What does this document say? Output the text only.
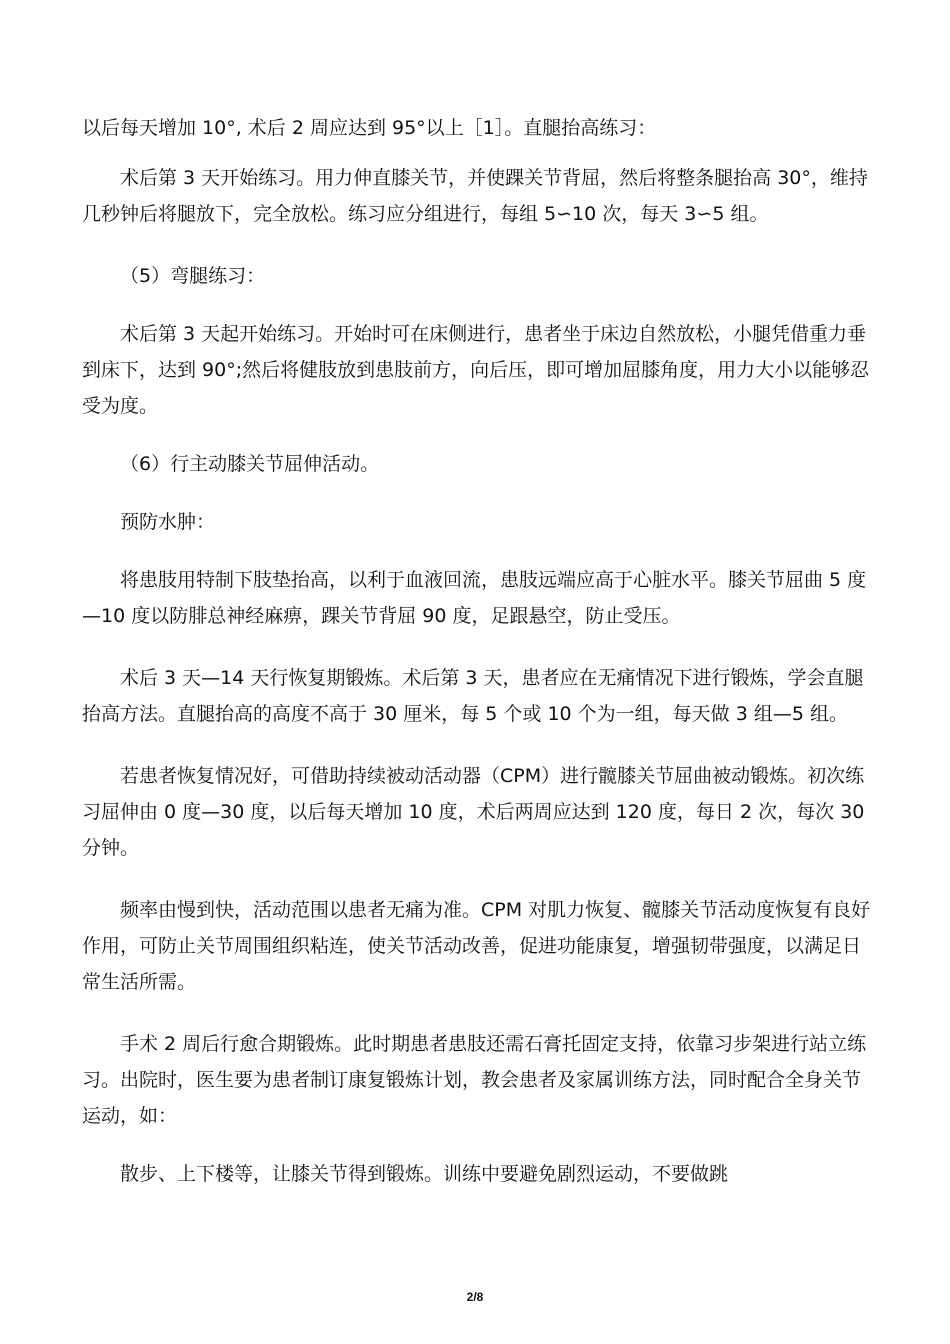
以后每天增加 10°, 术后 2 周应达到 95°以上［1］。直腿抬高练习：

术后第 3 天开始练习。用力伸直膝关节，并使踝关节背屈，然后将整条腿抬高 30°，维持几秒钟后将腿放下，完全放松。练习应分组进行，每组 5∽10 次，每天 3∽5 组。

（5）弯腿练习：

术后第 3 天起开始练习。开始时可在床侧进行，患者坐于床边自然放松，小腿凭借重力垂到床下，达到 90°;然后将健肢放到患肢前方，向后压，即可增加屈膝角度，用力大小以能够忍受为度。

（6）行主动膝关节屈伸活动。

预防水肿：

将患肢用特制下肢垫抬高，以利于血液回流，患肢远端应高于心脏水平。膝关节屈曲 5 度—10 度以防腓总神经麻痹，踝关节背屈 90 度，足跟悬空，防止受压。

术后 3 天—14 天行恢复期锻炼。术后第 3 天，患者应在无痛情况下进行锻炼，学会直腿抬高方法。直腿抬高的高度不高于 30 厘米，每 5 个或 10 个为一组，每天做 3 组—5 组。

若患者恢复情况好，可借助持续被动活动器（CPM）进行髋膝关节屈曲被动锻炼。初次练习屈伸由 0 度—30 度，以后每天增加 10 度，术后两周应达到 120 度，每日 2 次，每次 30 分钟。

频率由慢到快，活动范围以患者无痛为准。CPM 对肌力恢复、髋膝关节活动度恢复有良好作用，可防止关节周围组织粘连，使关节活动改善，促进功能康复，增强韧带强度，以满足日常生活所需。

手术 2 周后行愈合期锻炼。此时期患者患肢还需石膏托固定支持，依靠习步架进行站立练习。出院时，医生要为患者制订康复锻炼计划，教会患者及家属训练方法，同时配合全身关节运动，如：

散步、上下楼等，让膝关节得到锻炼。训练中要避免剧烈运动，不要做跳

2/8
